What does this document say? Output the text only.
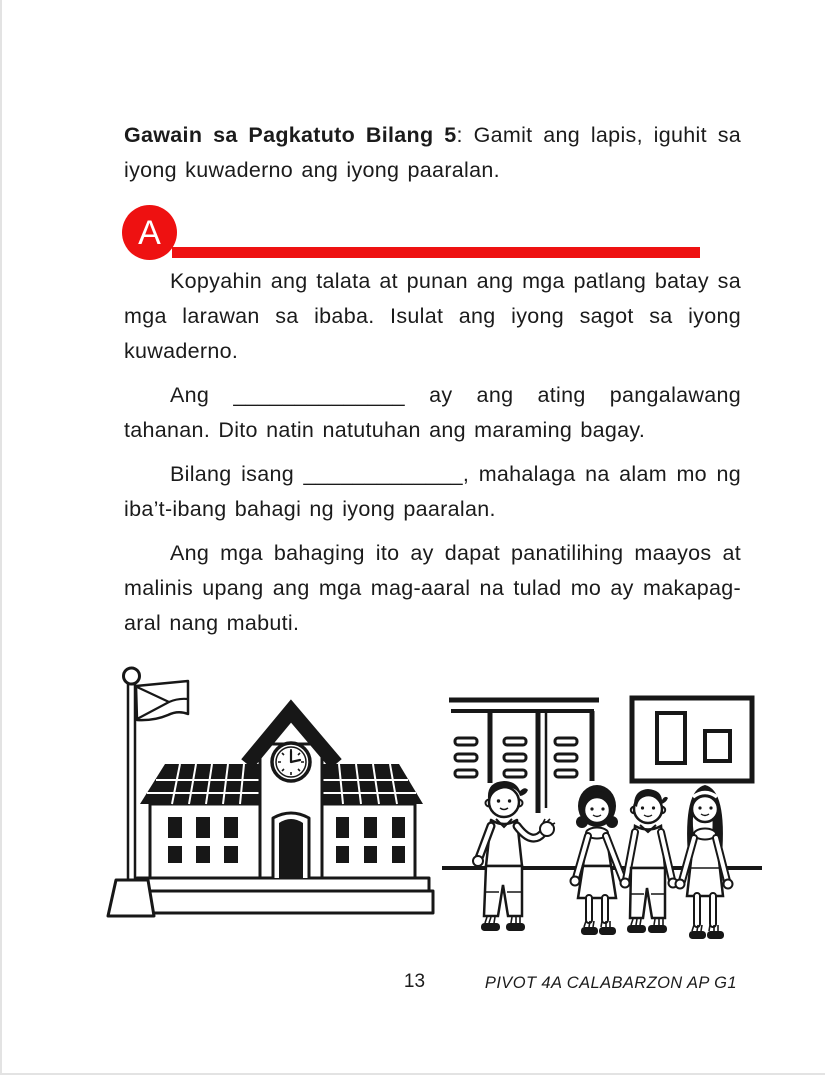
Gawain sa Pagkatuto Bilang 5: Gamit ang lapis, iguhit sa iyong kuwaderno ang iyong paaralan.

A

Kopyahin ang talata at punan ang mga patlang batay sa mga larawan sa ibaba. Isulat ang iyong sagot sa iyong kuwaderno.

Ang ______________ ay ang ating pangalawang tahanan. Dito natin natutuhan ang maraming bagay.

Bilang isang _____________, mahalaga na alam mo ng iba’t-ibang bahagi ng iyong paaralan.

Ang mga bahaging ito ay dapat panatilihing maayos at malinis upang ang mga mag-aaral na tulad mo ay makapag-aral nang mabuti.

13	PIVOT 4A CALABARZON AP G1
